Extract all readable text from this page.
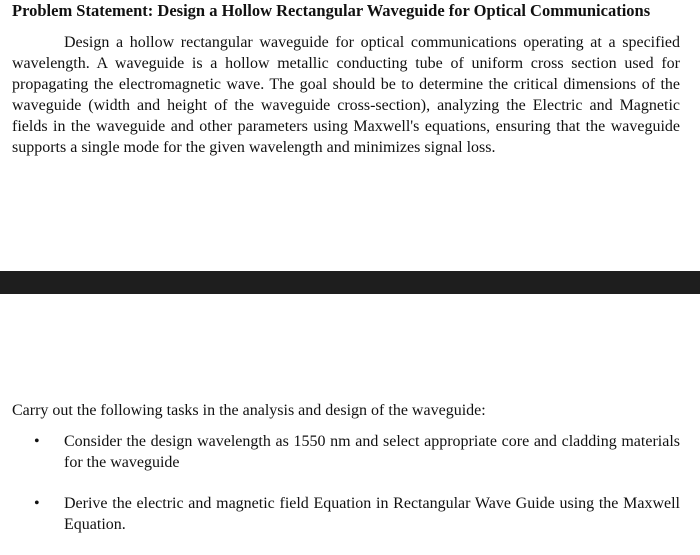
Problem Statement: Design a Hollow Rectangular Waveguide for Optical Communications

Design a hollow rectangular waveguide for optical communications operating at a specified wavelength. A waveguide is a hollow metallic conducting tube of uniform cross section used for propagating the electromagnetic wave. The goal should be to determine the critical dimensions of the waveguide (width and height of the waveguide cross-section), analyzing the Electric and Magnetic fields in the waveguide and other parameters using Maxwell's equations, ensuring that the waveguide supports a single mode for the given wavelength and minimizes signal loss.

Carry out the following tasks in the analysis and design of the waveguide:

• Consider the design wavelength as 1550 nm and select appropriate core and cladding materials for the waveguide
• Derive the electric and magnetic field Equation in Rectangular Wave Guide using the Maxwell Equation.
